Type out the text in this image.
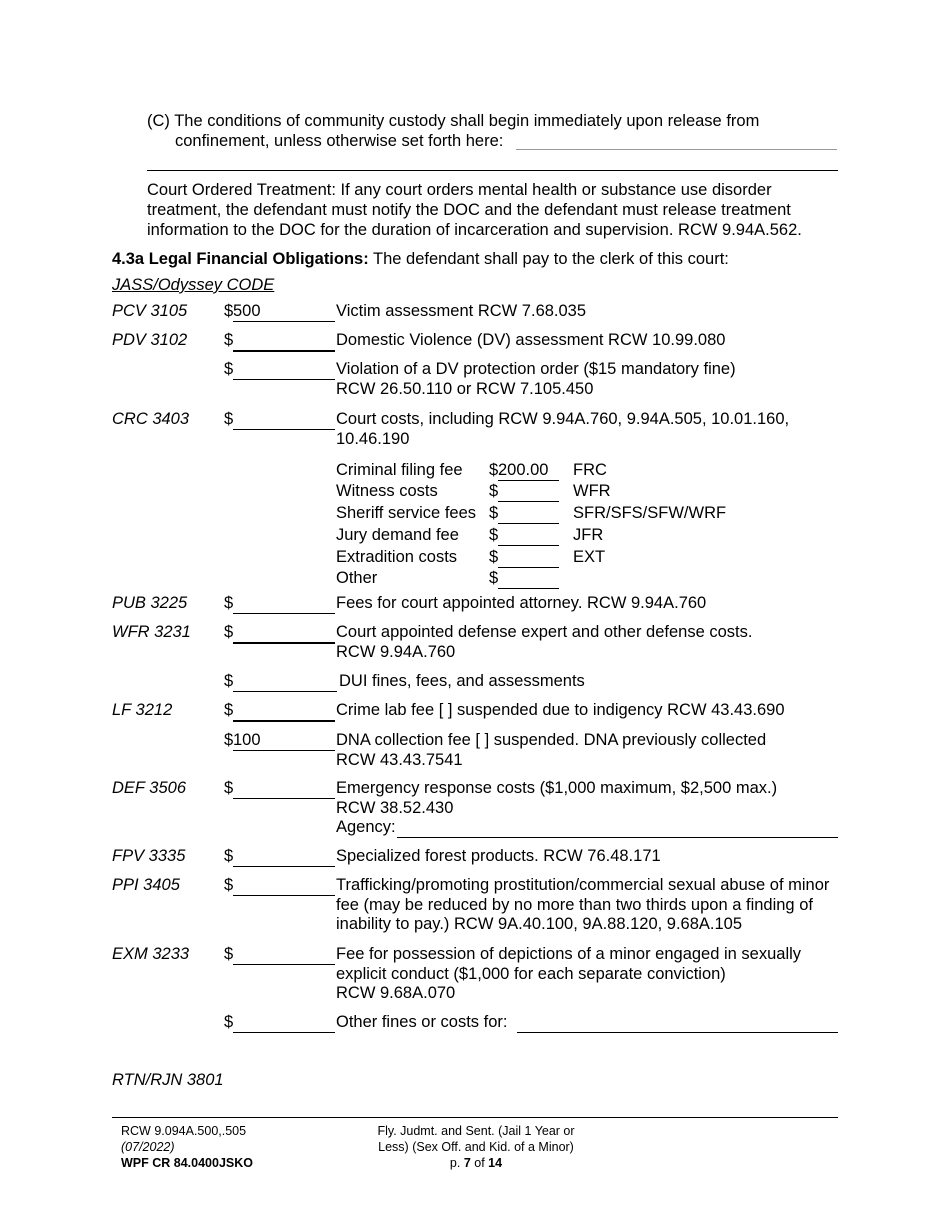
(C) The conditions of community custody shall begin immediately upon release from
confinement, unless otherwise set forth here:
Court Ordered Treatment: If any court orders mental health or substance use disorder
treatment, the defendant must notify the DOC and the defendant must release treatment
information to the DOC for the duration of incarceration and supervision. RCW 9.94A.562.
4.3a Legal Financial Obligations: The defendant shall pay to the clerk of this court:
JASS/Odyssey CODE
PCV 3105 $ 500	Victim assessment RCW 7.68.035
PDV 3102 $	Domestic Violence (DV) assessment RCW 10.99.080
$	Violation of a DV protection order ($15 mandatory fine)
RCW 26.50.110 or RCW 7.105.450
CRC 3403 $	Court costs, including RCW 9.94A.760, 9.94A.505, 10.01.160,
10.46.190
Criminal filing fee $ 200.00 FRC
Witness costs	$	WFR
Sheriff service fees $	SFR/SFS/SFW/WRF
Jury demand fee $	JFR
Extradition costs $	EXT
Other	$
PUB 3225 $	Fees for court appointed attorney. RCW 9.94A.760
WFR 3231 $	Court appointed defense expert and other defense costs.
RCW 9.94A.760
$	DUI fines, fees, and assessments
LF 3212	$	Crime lab fee [ ] suspended due to indigency RCW 43.43.690
$ 100	DNA collection fee [ ] suspended. DNA previously collected
RCW 43.43.7541
DEF 3506 $	Emergency response costs ($1,000 maximum, $2,500 max.)
RCW 38.52.430
Agency:
FPV 3335 $	Specialized forest products. RCW 76.48.171
PPI 3405	$	Trafficking/promoting prostitution/commercial sexual abuse of minor
fee (may be reduced by no more than two thirds upon a finding of
inability to pay.) RCW 9A.40.100, 9A.88.120, 9.68A.105
EXM 3233 $	Fee for possession of depictions of a minor engaged in sexually
explicit conduct ($1,000 for each separate conviction)
RCW 9.68A.070
$	Other fines or costs for:
RTN/RJN 3801
RCW 9.094A.500,.505
(07/2022)
WPF CR 84.0400JSKO
Fly. Judmt. and Sent. (Jail 1 Year or
Less) (Sex Off. and Kid. of a Minor)
p. 7 of 14
